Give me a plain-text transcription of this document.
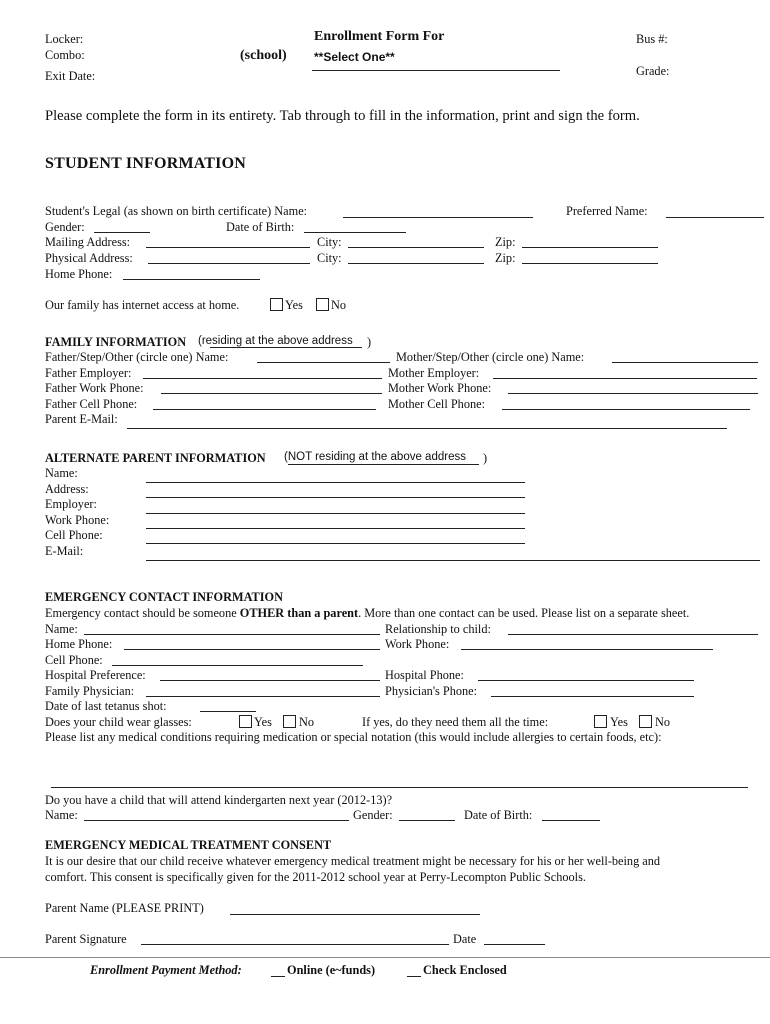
Locker:
Combo:
Exit Date:
(school)
Enrollment Form For
**Select One**
Bus #:
Grade:
Please complete the form in its entirety. Tab through to fill in the information, print and sign the form.
STUDENT INFORMATION
Student's Legal (as shown on birth certificate) Name:	Preferred Name:
Gender:	Date of Birth:
Mailing Address:	City:	Zip:
Physical Address:	City:	Zip:
Home Phone:
Our family has internet access at home.	Yes No
FAMILY INFORMATION (residing at the above address )
Father/Step/Other (circle one) Name:	Mother/Step/Other (circle one) Name:
Father Employer:	Mother Employer:
Father Work Phone:	Mother Work Phone:
Father Cell Phone:	Mother Cell Phone:
Parent E-Mail:
ALTERNATE PARENT INFORMATION (NOT residing at the above address )
Name:
Address:
Employer:
Work Phone:
Cell Phone:
E-Mail:
EMERGENCY CONTACT INFORMATION
Emergency contact should be someone OTHER than a parent. More than one contact can be used. Please list on a separate sheet.
Name:	Relationship to child:
Home Phone:	Work Phone:
Cell Phone:
Hospital Preference:	Hospital Phone:
Family Physician:	Physician's Phone:
Date of last tetanus shot:
Does your child wear glasses:	Yes No	If yes, do they need them all the time:	Yes No
Please list any medical conditions requiring medication or special notation (this would include allergies to certain foods, etc):
Do you have a child that will attend kindergarten next year (2012-13)?
Name:	Gender:	Date of Birth:
EMERGENCY MEDICAL TREATMENT CONSENT
It is our desire that our child receive whatever emergency medical treatment might be necessary for his or her well-being and
comfort. This consent is specifically given for the 2011-2012 school year at Perry-Lecompton Public Schools.
Parent Name (PLEASE PRINT)
Parent Signature	Date
Enrollment Payment Method:	Online (e~funds)	Check Enclosed
